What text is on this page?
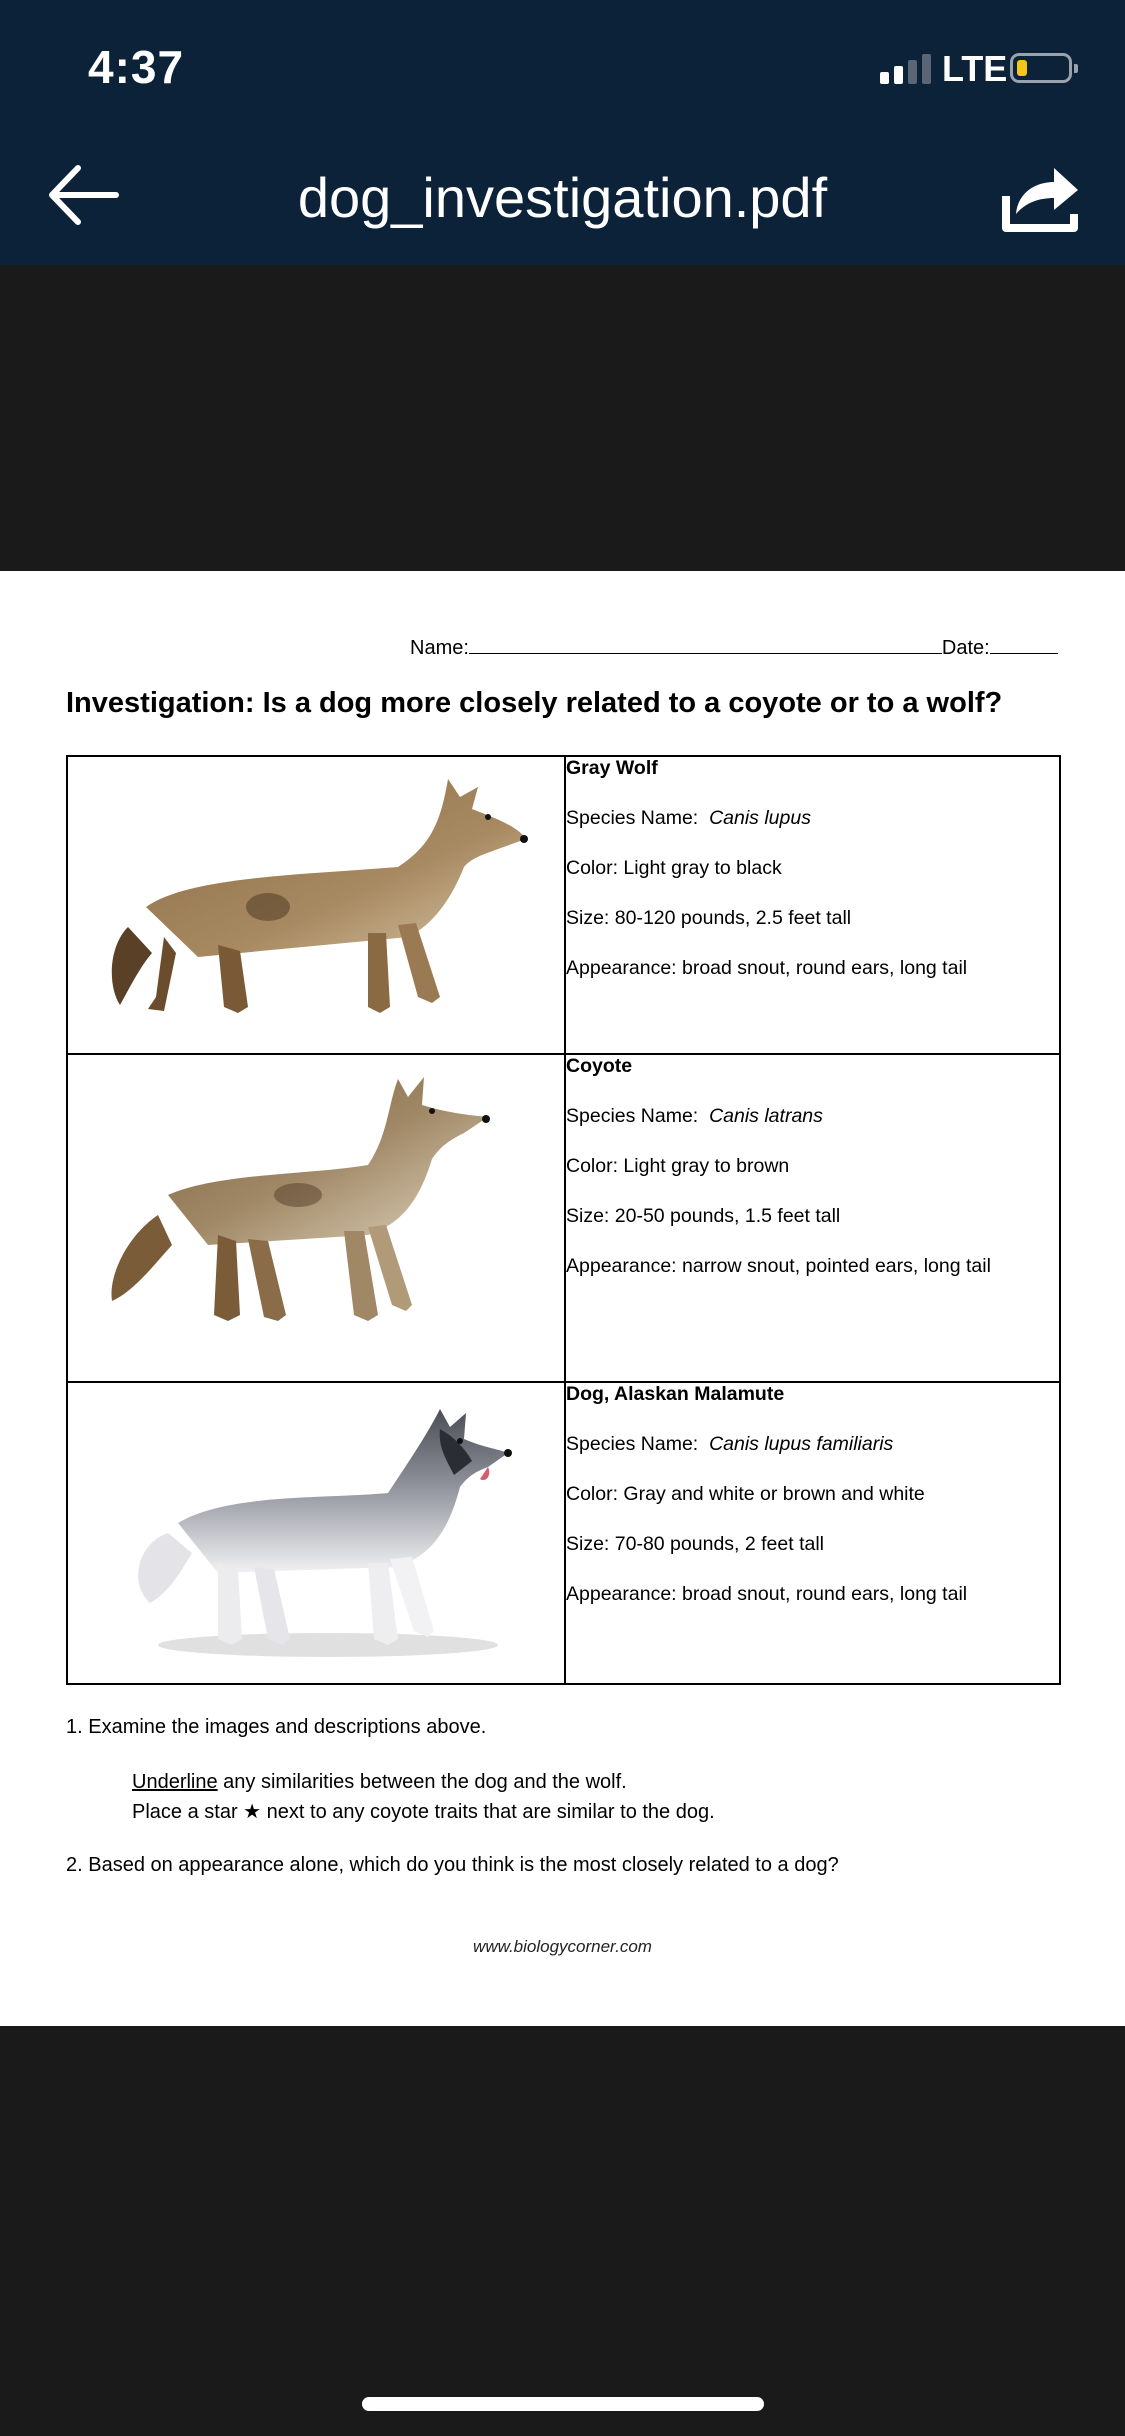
4:37	LTE
dog_investigation.pdf
Name:	Date:
Investigation: Is a dog more closely related to a coyote or to a wolf?

Gray Wolf

Species Name: Canis lupus

Color: Light gray to black

Size: 80-120 pounds, 2.5 feet tall

Appearance: broad snout, round ears, long tail

Coyote

Species Name: Canis latrans

Color: Light gray to brown

Size: 20-50 pounds, 1.5 feet tall

Appearance: narrow snout, pointed ears, long tail

Dog, Alaskan Malamute

Species Name: Canis lupus familiaris

Color: Gray and white or brown and white

Size: 70-80 pounds, 2 feet tall

Appearance: broad snout, round ears, long tail

1. Examine the images and descriptions above.
Underline any similarities between the dog and the wolf.
Place a star ★ next to any coyote traits that are similar to the dog.
2. Based on appearance alone, which do you think is the most closely related to a dog?
www.biologycorner.com
